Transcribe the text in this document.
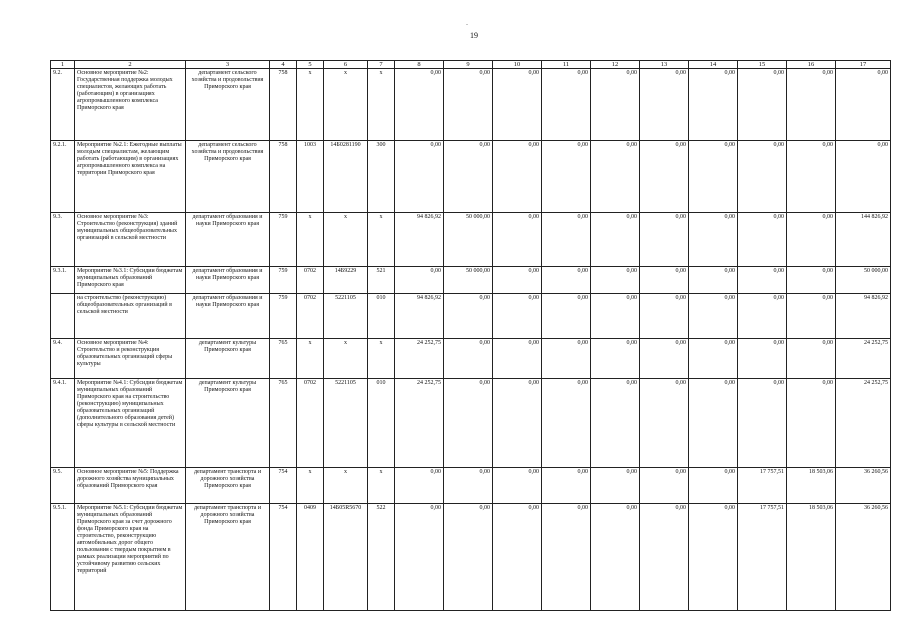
-
19
1	2	3	4	5	6	7	8	9	10	11	12	13	14	15	16	17
9.2.	Основное мероприятие №2: Государственная поддержка молодых специалистов, желающих работать (работающим) в организациях агропромышленного комплекса Приморского края	департамент сельского хозяйства и продовольствия Приморского края	758	x	x	x	0,00	0,00	0,00	0,00	0,00	0,00	0,00	0,00	0,00	0,00
9.2.1.	Мероприятие №2.1: Ежегодные выплаты молодым специалистам, желающим работать (работающим) в организациях агропромышленного комплекса на территории Приморского края	департамент сельского хозяйства и продовольствия Приморского края	758	1003	14Б0281190	300	0,00	0,00	0,00	0,00	0,00	0,00	0,00	0,00	0,00	0,00
9.3.	Основное мероприятие №3: Строительство (реконструкция) зданий муниципальных общеобразовательных организаций в сельской местности	департамент образования и науки Приморского края	759	x	x	x	94 826,92	50 000,00	0,00	0,00	0,00	0,00	0,00	0,00	0,00	144 826,92
9.3.1.	Мероприятие №3.1: Субсидии бюджетам муниципальных образований Приморского края	департамент образования и науки Приморского края	759	0702	14Б9229	521	0,00	50 000,00	0,00	0,00	0,00	0,00	0,00	0,00	0,00	50 000,00
	на строительство (реконструкцию) общеобразовательных организаций в сельской местности	департамент образования и науки Приморского края	759	0702	5221105	010	94 826,92	0,00	0,00	0,00	0,00	0,00	0,00	0,00	0,00	94 826,92
9.4.	Основное мероприятие №4: Строительство и реконструкция образовательных организаций сферы культуры	департамент культуры Приморского края	765	x	x	x	24 252,75	0,00	0,00	0,00	0,00	0,00	0,00	0,00	0,00	24 252,75
9.4.1.	Мероприятие №4.1: Субсидии бюджетам муниципальных образований Приморского края на строительство (реконструкцию) муниципальных образовательных организаций (дополнительного образования детей) сферы культуры в сельской местности	департамент культуры Приморского края	765	0702	5221105	010	24 252,75	0,00	0,00	0,00	0,00	0,00	0,00	0,00	0,00	24 252,75
9.5.	Основное мероприятие №5: Поддержка дорожного хозяйства муниципальных образований Приморского края	департамент транспорта и дорожного хозяйства Приморского края	754	x	x	x	0,00	0,00	0,00	0,00	0,00	0,00	0,00	17 757,51	18 503,06	36 260,56
9.5.1.	Мероприятие №5.1: Субсидии бюджетам муниципальных образований Приморского края за счет дорожного фонда Приморского края на строительство, реконструкцию автомобильных дорог общего пользования с твердым покрытием в рамках реализации мероприятий по устойчивому развитию сельских территорий	департамент транспорта и дорожного хозяйства Приморского края	754	0409	14Б05R5670	522	0,00	0,00	0,00	0,00	0,00	0,00	0,00	17 757,51	18 503,06	36 260,56
